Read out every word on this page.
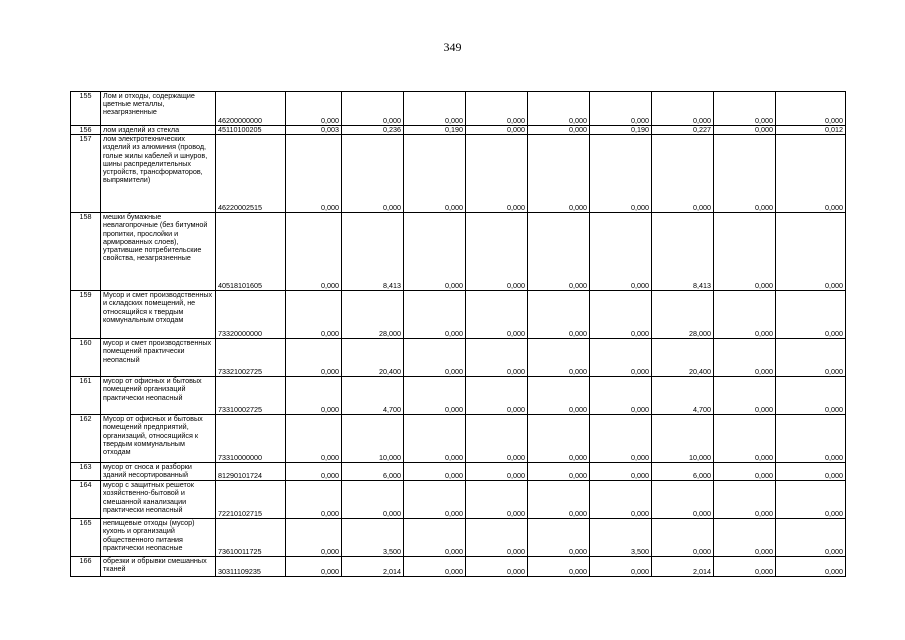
349
155	Лом и отходы, содержащие цветные металлы, незагрязненные	46200000000	0,000	0,000	0,000	0,000	0,000	0,000	0,000	0,000	0,000
156	лом изделий из стекла	45110100205	0,003	0,236	0,190	0,000	0,000	0,190	0,227	0,000	0,012
157	лом электротехнических изделий из алюминия (провод, голые жилы кабелей и шнуров, шины распределительных устройств, трансформаторов, выпрямители)	46220002515	0,000	0,000	0,000	0,000	0,000	0,000	0,000	0,000	0,000
158	мешки бумажные невлагопрочные (без битумной пропитки, прослойки и армированных слоев), утратившие потребительские свойства, незагрязненные	40518101605	0,000	8,413	0,000	0,000	0,000	0,000	8,413	0,000	0,000
159	Мусор и смет производственных и складских помещений, не относящийся к твердым коммунальным отходам	73320000000	0,000	28,000	0,000	0,000	0,000	0,000	28,000	0,000	0,000
160	мусор и смет производственных помещений практически неопасный	73321002725	0,000	20,400	0,000	0,000	0,000	0,000	20,400	0,000	0,000
161	мусор от офисных и бытовых помещений организаций практически неопасный	73310002725	0,000	4,700	0,000	0,000	0,000	0,000	4,700	0,000	0,000
162	Мусор от офисных и бытовых помещений предприятий, организаций, относящийся к твердым коммунальным отходам	73310000000	0,000	10,000	0,000	0,000	0,000	0,000	10,000	0,000	0,000
163	мусор от сноса и разборки зданий несортированный	81290101724	0,000	6,000	0,000	0,000	0,000	0,000	6,000	0,000	0,000
164	мусор с защитных решеток хозяйственно-бытовой и смешанной канализации практически неопасный	72210102715	0,000	0,000	0,000	0,000	0,000	0,000	0,000	0,000	0,000
165	непищевые отходы (мусор) кухонь и организаций общественного питания практически неопасные	73610011725	0,000	3,500	0,000	0,000	0,000	3,500	0,000	0,000	0,000
166	обрезки и обрывки смешанных тканей	30311109235	0,000	2,014	0,000	0,000	0,000	0,000	2,014	0,000	0,000
